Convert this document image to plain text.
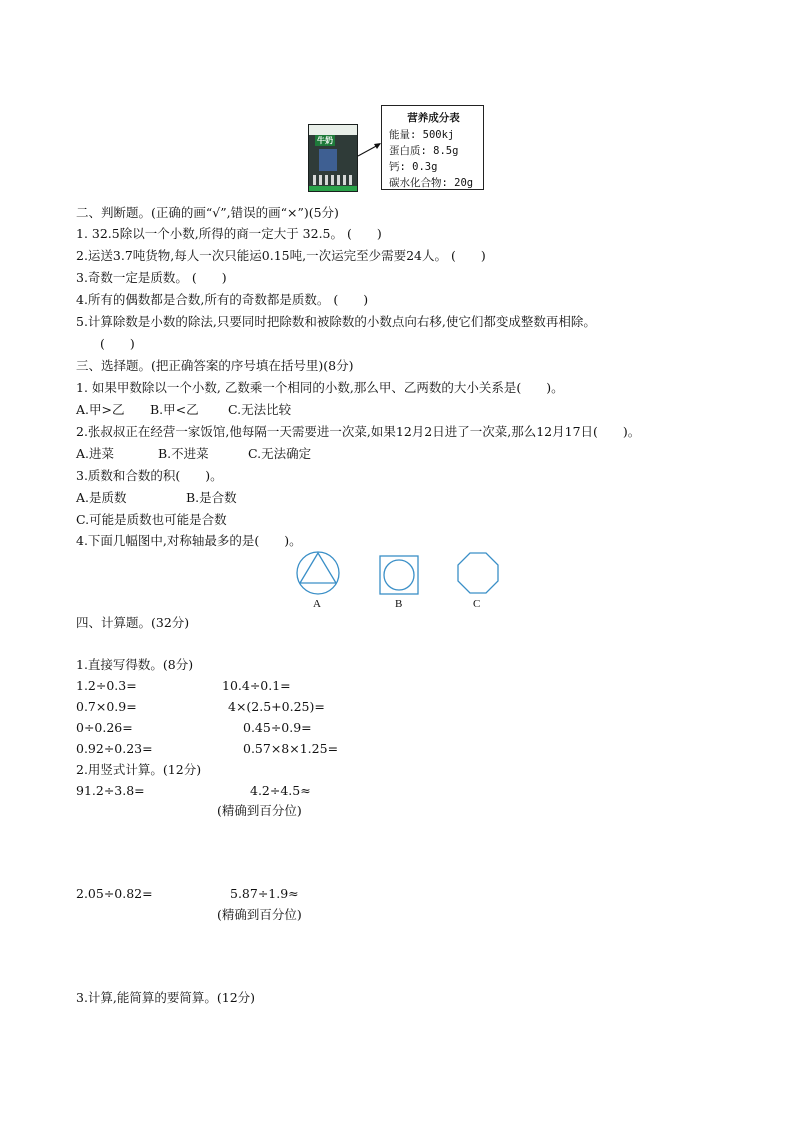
牛奶
营养成分表
能量: 500kj
蛋白质: 8.5g
钙: 0.3g
碳水化合物: 20g
二、判断题。(正确的画“√”,错误的画“×”)(5分)
1. 32.5除以一个小数,所得的商一定大于 32.5。 (　　)
2.运送3.7吨货物,每人一次只能运0.15吨,一次运完至少需要24人。 (　　)
3.奇数一定是质数。 (　　)
4.所有的偶数都是合数,所有的奇数都是质数。 (　　)
5.计算除数是小数的除法,只要同时把除数和被除数的小数点向右移,使它们都变成整数再相除。
(　　)
三、选择题。(把正确答案的序号填在括号里)(8分)
1. 如果甲数除以一个小数, 乙数乘一个相同的小数,那么甲、乙两数的大小关系是(　　)。
A.甲>乙 B.甲<乙 C.无法比较
2.张叔叔正在经营一家饭馆,他每隔一天需要进一次菜,如果12月2日进了一次菜,那么12月17日(　　)。
A.进菜	B.不进菜	C.无法确定
3.质数和合数的积(　　)。
A.是质数	B.是合数
C.可能是质数也可能是合数
4.下面几幅图中,对称轴最多的是(　　)。
A	B	C
四、计算题。(32分)
1.直接写得数。(8分)
1.2÷0.3=	10.4÷0.1=
0.7×0.9=	4×(2.5+0.25)=
0÷0.26=	0.45÷0.9=
0.92÷0.23=	0.57×8×1.25=
2.用竖式计算。(12分)
91.2÷3.8=	4.2÷4.5≈
(精确到百分位)
2.05÷0.82=	5.87÷1.9≈
(精确到百分位)
3.计算,能简算的要简算。(12分)
